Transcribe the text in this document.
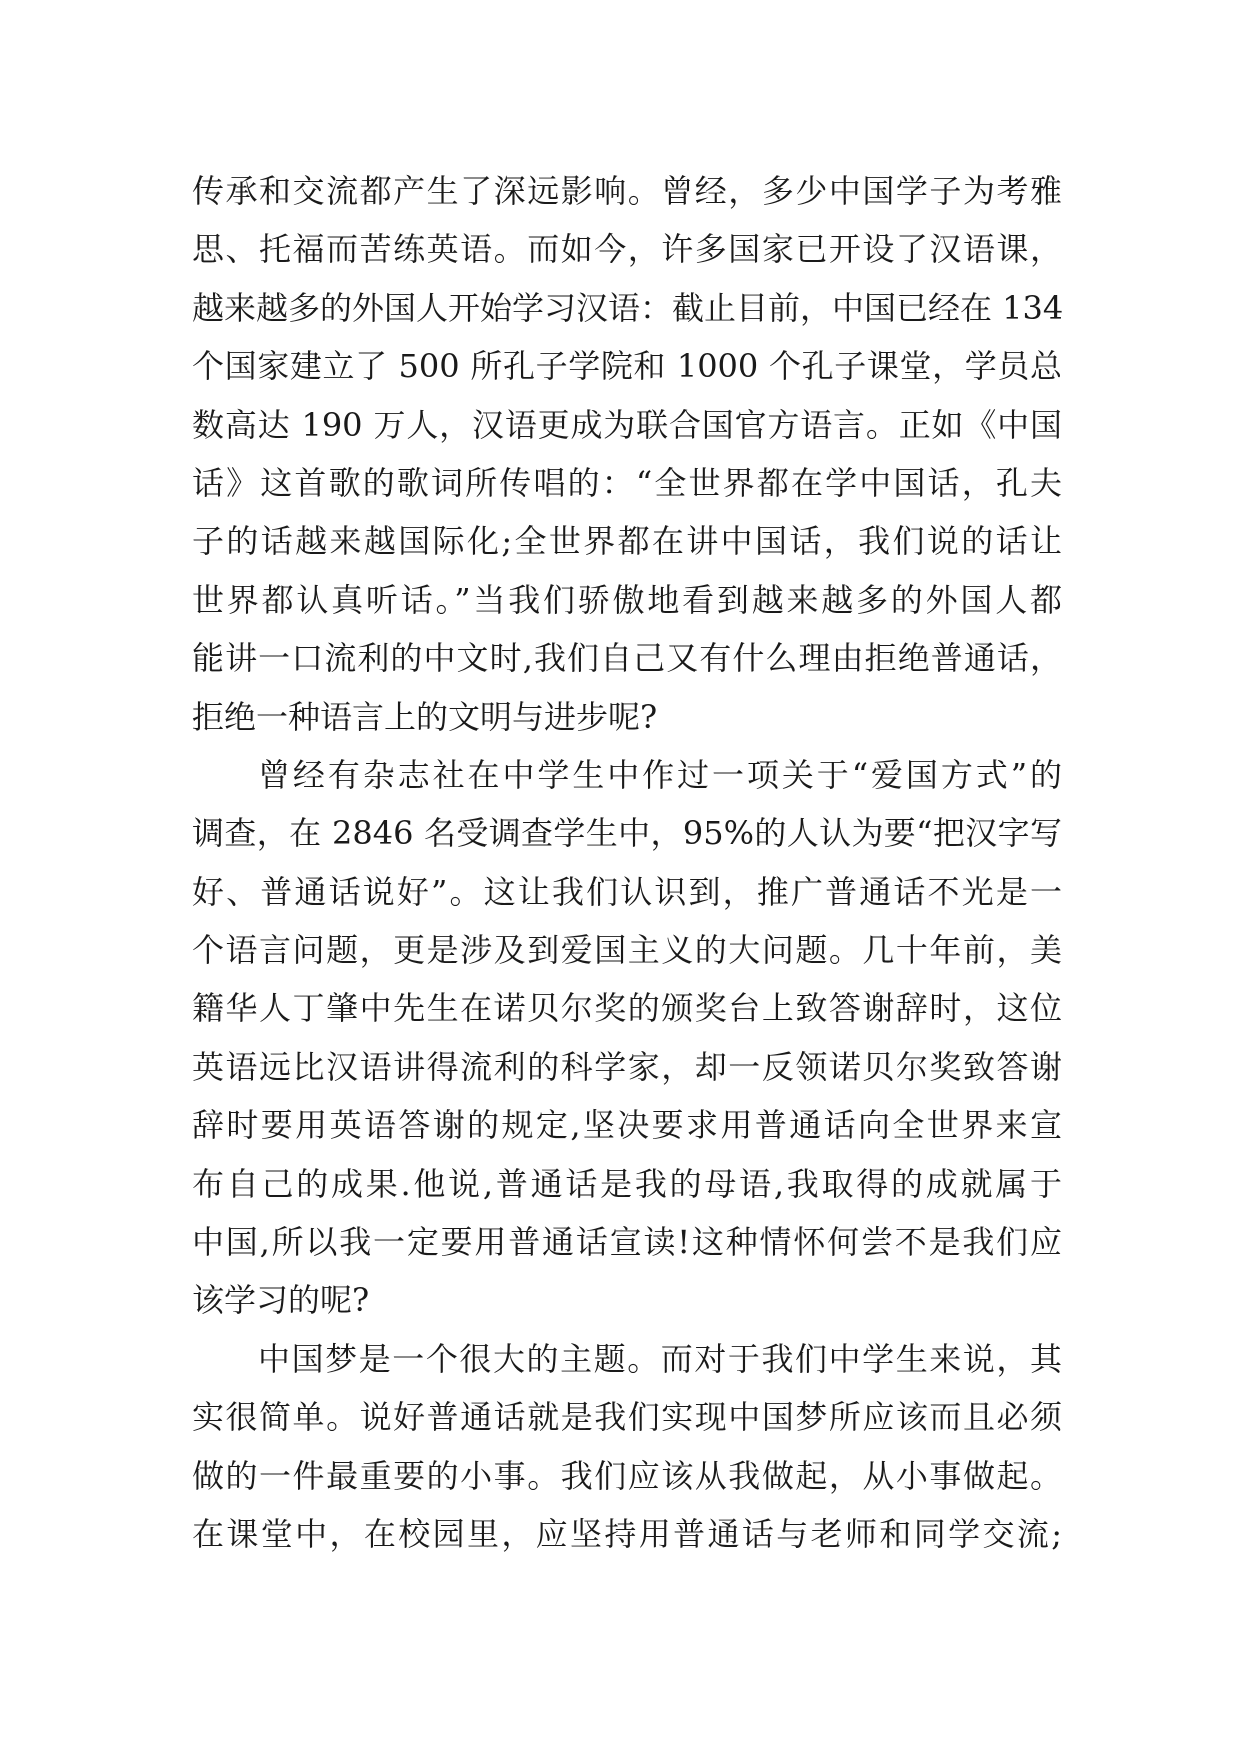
传承和交流都产生了深远影响。曾经，多少中国学子为考雅
思、托福而苦练英语。而如今，许多国家已开设了汉语课，
越来越多的外国人开始学习汉语：截止目前，中国已经在 134
个国家建立了 500 所孔子学院和 1000 个孔子课堂，学员总
数高达 190 万人，汉语更成为联合国官方语言。正如《中国
话》这首歌的歌词所传唱的：“全世界都在学中国话，孔夫
子的话越来越国际化;全世界都在讲中国话，我们说的话让
世界都认真听话。”当我们骄傲地看到越来越多的外国人都
能讲一口流利的中文时,我们自己又有什么理由拒绝普通话，
拒绝一种语言上的文明与进步呢?
曾经有杂志社在中学生中作过一项关于“爱国方式”的
调查，在 2846 名受调查学生中，95%的人认为要“把汉字写
好、普通话说好”。这让我们认识到，推广普通话不光是一
个语言问题，更是涉及到爱国主义的大问题。几十年前，美
籍华人丁肇中先生在诺贝尔奖的颁奖台上致答谢辞时，这位
英语远比汉语讲得流利的科学家，却一反领诺贝尔奖致答谢
辞时要用英语答谢的规定,坚决要求用普通话向全世界来宣
布自己的成果.他说,普通话是我的母语,我取得的成就属于
中国,所以我一定要用普通话宣读!这种情怀何尝不是我们应
该学习的呢?
中国梦是一个很大的主题。而对于我们中学生来说，其
实很简单。说好普通话就是我们实现中国梦所应该而且必须
做的一件最重要的小事。我们应该从我做起，从小事做起。
在课堂中，在校园里，应坚持用普通话与老师和同学交流;
